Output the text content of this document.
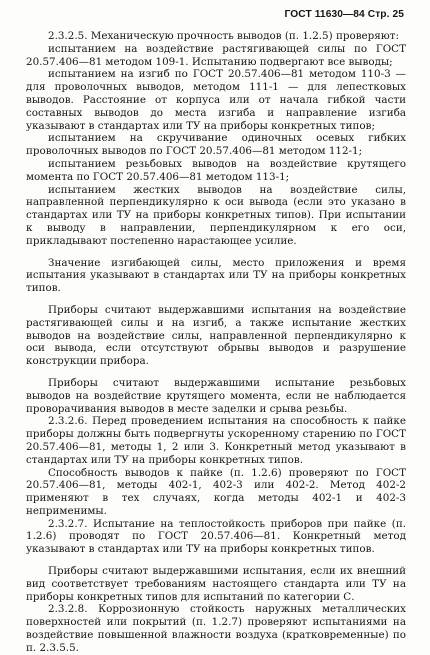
ГОСТ 11630—84 Стр. 25

2.3.2.5. Механическую прочность выводов (п. 1.2.5) проверяют:

испытанием на воздействие растягивающей силы по ГОСТ 20.57.406—81 методом 109-1. Испытанию подвергают все выводы;

испытанием на изгиб по ГОСТ 20.57.406—81 методом 110-3 — для проволочных выводов, методом 111-1 — для лепестковых выводов. Расстояние от корпуса или от начала гибкой части составных выводов до места изгиба и направление изгиба указывают в стандартах или ТУ на приборы конкретных типов;

испытанием на скручивание одиночных осевых гибких проволочных выводов по ГОСТ 20.57.406—81 методом 112-1;

испытанием резьбовых выводов на воздействие крутящего момента по ГОСТ 20.57.406—81 методом 113-1;

испытанием жестких выводов на воздействие силы, направленной перпендикулярно к оси вывода (если это указано в стандартах или ТУ на приборы конкретных типов). При испытании к выводу в направлении, перпендикулярном к его оси, прикладывают постепенно нарастающее усилие.

Значение изгибающей силы, место приложения и время испытания указывают в стандартах или ТУ на приборы конкретных типов.

Приборы считают выдержавшими испытания на воздействие растягивающей силы и на изгиб, а также испытание жестких выводов на воздействие силы, направленной перпендикулярно к оси вывода, если отсутствуют обрывы выводов и разрушение конструкции прибора.

Приборы считают выдержавшими испытание резьбовых выводов на воздействие крутящего момента, если не наблюдается проворачивания выводов в месте заделки и срыва резьбы.

2.3.2.6. Перед проведением испытания на способность к пайке приборы должны быть подвергнуты ускоренному старению по ГОСТ 20.57.406—81, методы 1, 2 или 3. Конкретный метод указывают в стандартах или ТУ на приборы конкретных типов.

Способность выводов к пайке (п. 1.2.6) проверяют по ГОСТ 20.57.406—81, методы 402-1, 402-3 или 402-2. Метод 402-2 применяют в тех случаях, когда методы 402-1 и 402-3 неприменимы.

2.3.2.7. Испытание на теплостойкость приборов при пайке (п. 1.2.6) проводят по ГОСТ 20.57.406—81. Конкретный метод указывают в стандартах или ТУ на приборы конкретных типов.

Приборы считают выдержавшими испытания, если их внешний вид соответствует требованиям настоящего стандарта или ТУ на приборы конкретных типов для испытаний по категории С.

2.3.2.8. Коррозионную стойкость наружных металлических поверхностей или покрытий (п. 1.2.7) проверяют испытаниями на воздействие повышенной влажности воздуха (кратковременные) по п. 2.3.5.5.
